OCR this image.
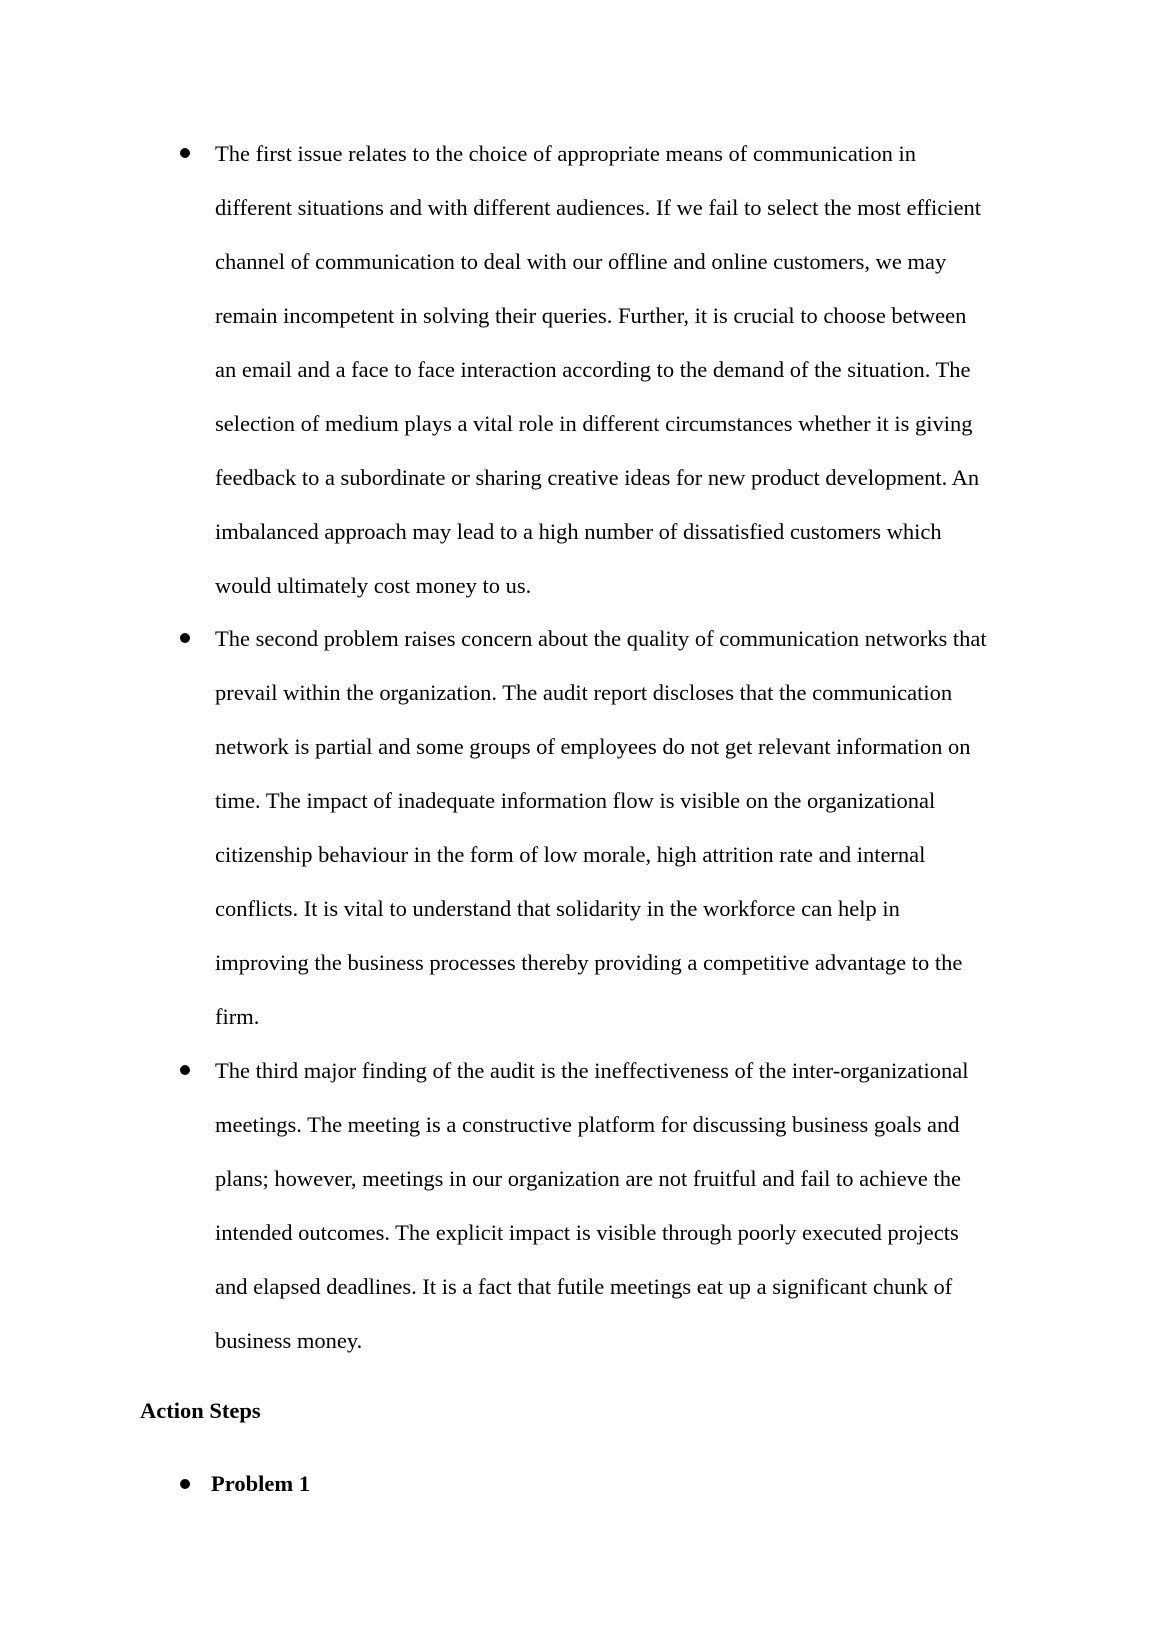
The first issue relates to the choice of appropriate means of communication in
different situations and with different audiences. If we fail to select the most efficient
channel of communication to deal with our offline and online customers, we may
remain incompetent in solving their queries. Further, it is crucial to choose between
an email and a face to face interaction according to the demand of the situation. The
selection of medium plays a vital role in different circumstances whether it is giving
feedback to a subordinate or sharing creative ideas for new product development. An
imbalanced approach may lead to a high number of dissatisfied customers which
would ultimately cost money to us.

The second problem raises concern about the quality of communication networks that
prevail within the organization. The audit report discloses that the communication
network is partial and some groups of employees do not get relevant information on
time. The impact of inadequate information flow is visible on the organizational
citizenship behaviour in the form of low morale, high attrition rate and internal
conflicts. It is vital to understand that solidarity in the workforce can help in
improving the business processes thereby providing a competitive advantage to the
firm.

The third major finding of the audit is the ineffectiveness of the inter-organizational
meetings. The meeting is a constructive platform for discussing business goals and
plans; however, meetings in our organization are not fruitful and fail to achieve the
intended outcomes. The explicit impact is visible through poorly executed projects
and elapsed deadlines. It is a fact that futile meetings eat up a significant chunk of
business money.

Action Steps
Problem 1
